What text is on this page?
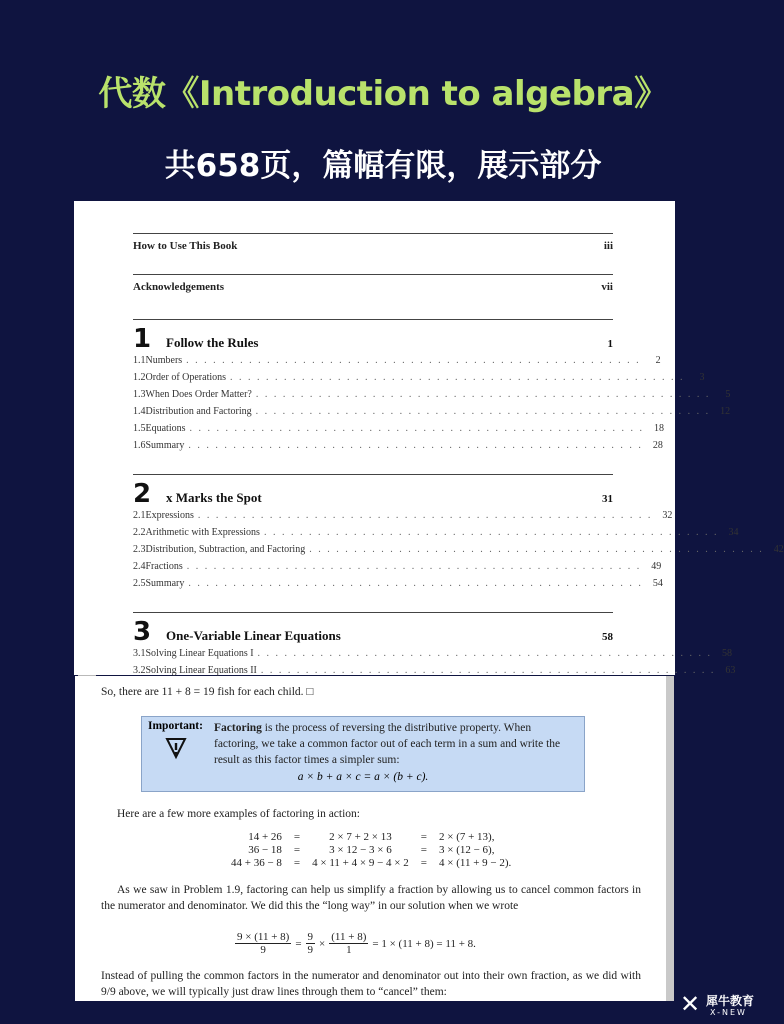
代数《Introduction to algebra》
共658页，篇幅有限，展示部分
How to Use This Book	iii
Acknowledgements	vii
1	Follow the Rules	1
1.1 Numbers . . . . . . . . . . . . . . . . . . . . . . . . . . . . . . . . . . . . . . . . . . . . . . . . . . .	2
1.2 Order of Operations . . . . . . . . . . . . . . . . . . . . . . . . . . . . . . . . . . . . . . . . . . . . . . . . . . .	3
1.3 When Does Order Matter? . . . . . . . . . . . . . . . . . . . . . . . . . . . . . . . . . . . . . . . . . . . . . . . . . . .	5
1.4 Distribution and Factoring . . . . . . . . . . . . . . . . . . . . . . . . . . . . . . . . . . . . . . . . . . . . . . . . . . .	12
1.5 Equations . . . . . . . . . . . . . . . . . . . . . . . . . . . . . . . . . . . . . . . . . . . . . . . . . . .	18
1.6 Summary . . . . . . . . . . . . . . . . . . . . . . . . . . . . . . . . . . . . . . . . . . . . . . . . . . .	28
2	x Marks the Spot	31
2.1 Expressions . . . . . . . . . . . . . . . . . . . . . . . . . . . . . . . . . . . . . . . . . . . . . . . . . . .	32
2.2 Arithmetic with Expressions . . . . . . . . . . . . . . . . . . . . . . . . . . . . . . . . . . . . . . . . . . . . . . . . . . .	34
2.3 Distribution, Subtraction, and Factoring . . . . . . . . . . . . . . . . . . . . . . . . . . . . . . . . . . . . . . . . . . . . . . . . . . .	42
2.4 Fractions . . . . . . . . . . . . . . . . . . . . . . . . . . . . . . . . . . . . . . . . . . . . . . . . . . .	49
2.5 Summary . . . . . . . . . . . . . . . . . . . . . . . . . . . . . . . . . . . . . . . . . . . . . . . . . . .	54
3	One-Variable Linear Equations	58
3.1 Solving Linear Equations I . . . . . . . . . . . . . . . . . . . . . . . . . . . . . . . . . . . . . . . . . . . . . . . . . . .	58
3.2 Solving Linear Equations II . . . . . . . . . . . . . . . . . . . . . . . . . . . . . . . . . . . . . . . . . . . . . . . . . . .	63
So, there are 11 + 8 = 19 fish for each child. □
Important: Factoring is the process of reversing the distributive property. When factoring, we take a common factor out of each term in a sum and write the result as this factor times a simpler sum:
a × b + a × c = a × (b + c).
Here are a few more examples of factoring in action:
14 + 26	=	2 × 7 + 2 × 13	=	2 × (7 + 13),
36 − 18	=	3 × 12 − 3 × 6	=	3 × (12 − 6),
44 + 36 − 8	=	4 × 11 + 4 × 9 − 4 × 2	=	4 × (11 + 9 − 2).
As we saw in Problem 1.9, factoring can help us simplify a fraction by allowing us to cancel common factors in the numerator and denominator. We did this the “long way” in our solution when we wrote
$\frac{9 \times (11 + 8)}{9} = \frac{9}{9} \times \frac{(11 + 8)}{1} = 1 \times (11 + 8) = 11 + 8$.
Instead of pulling the common factors in the numerator and denominator out into their own fraction, as we did with 9/9 above, we will typically just draw lines through them to “cancel” them:	✕ 犀牛教育
X-NEW
